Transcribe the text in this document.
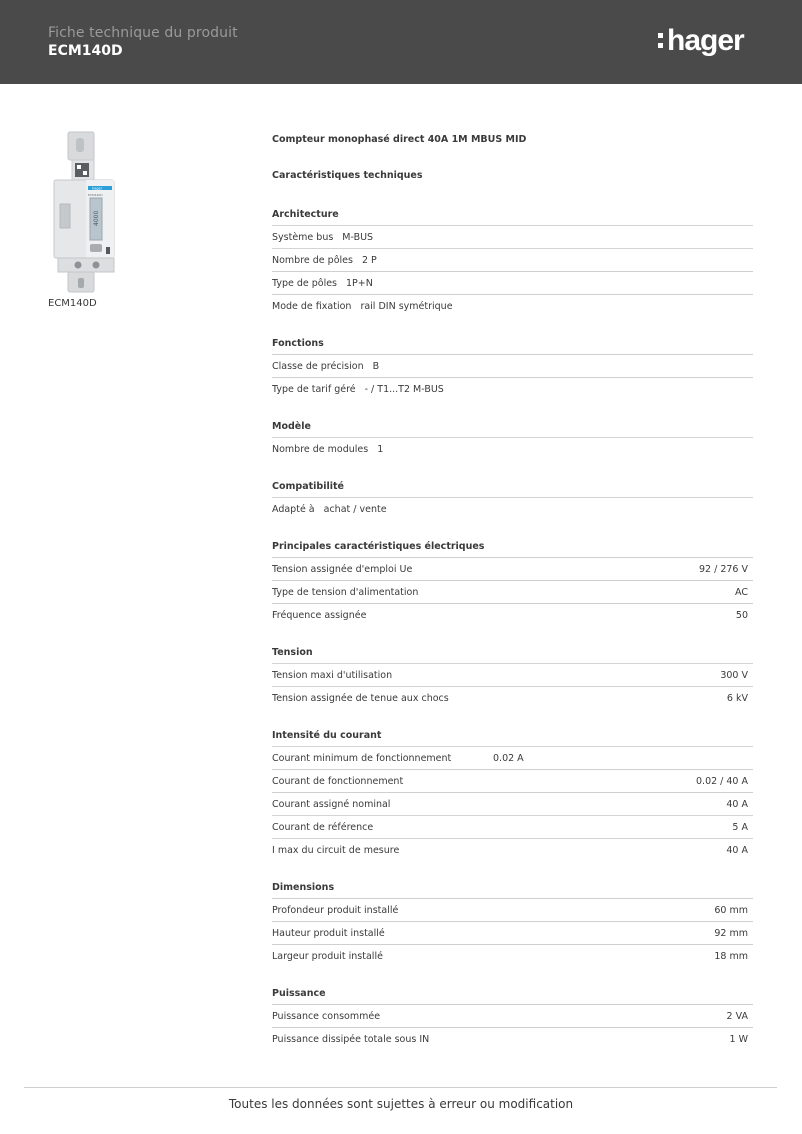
Fiche technique du produit
ECM140D	hager
hager
ECM140D
4000
ECM140D
Compteur monophasé direct 40A 1M MBUS MID
Caractéristiques techniques
Architecture
Système bus M-BUS
Nombre de pôles 2 P
Type de pôles 1P+N
Mode de fixation rail DIN symétrique
Fonctions
Classe de précision B
Type de tarif géré - / T1...T2 M-BUS
Modèle
Nombre de modules 1
Compatibilité
Adapté à achat / vente
Principales caractéristiques électriques
Tension assignée d'emploi Ue	92 / 276 V
Type de tension d'alimentation	AC
Fréquence assignée	50
Tension
Tension maxi d'utilisation	300 V
Tension assignée de tenue aux chocs	6 kV
Intensité du courant
Courant minimum de fonctionnement	0.02 A
Courant de fonctionnement	0.02 / 40 A
Courant assigné nominal	40 A
Courant de référence	5 A
I max du circuit de mesure	40 A
Dimensions
Profondeur produit installé	60 mm
Hauteur produit installé	92 mm
Largeur produit installé	18 mm
Puissance
Puissance consommée	2 VA
Puissance dissipée totale sous IN	1 W
Toutes les données sont sujettes à erreur ou modification
